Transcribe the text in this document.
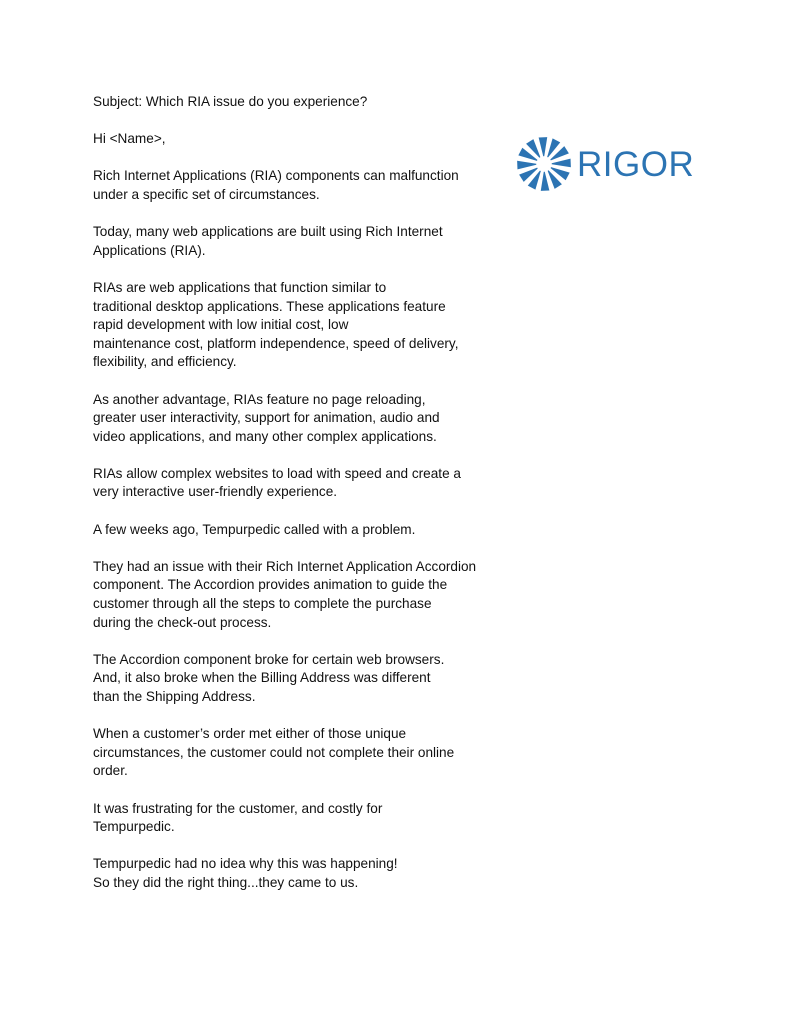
Subject: Which RIA issue do you experience?
Hi <Name>,
Rich Internet Applications (RIA) components can malfunction
under a specific set of circumstances.
Today, many web applications are built using Rich Internet
Applications (RIA).
RIAs are web applications that function similar to
traditional desktop applications. These applications feature
rapid development with low initial cost, low
maintenance cost, platform independence, speed of delivery,
flexibility, and efficiency.
As another advantage, RIAs feature no page reloading,
greater user interactivity, support for animation, audio and
video applications, and many other complex applications.
RIAs allow complex websites to load with speed and create a
very interactive user-friendly experience.
A few weeks ago, Tempurpedic called with a problem.
They had an issue with their Rich Internet Application Accordion
component. The Accordion provides animation to guide the
customer through all the steps to complete the purchase
during the check-out process.
The Accordion component broke for certain web browsers.
And, it also broke when the Billing Address was different
than the Shipping Address.
When a customer’s order met either of those unique
circumstances, the customer could not complete their online
order.
It was frustrating for the customer, and costly for
Tempurpedic.
Tempurpedic had no idea why this was happening!
So they did the right thing...they came to us.
RIGOR
